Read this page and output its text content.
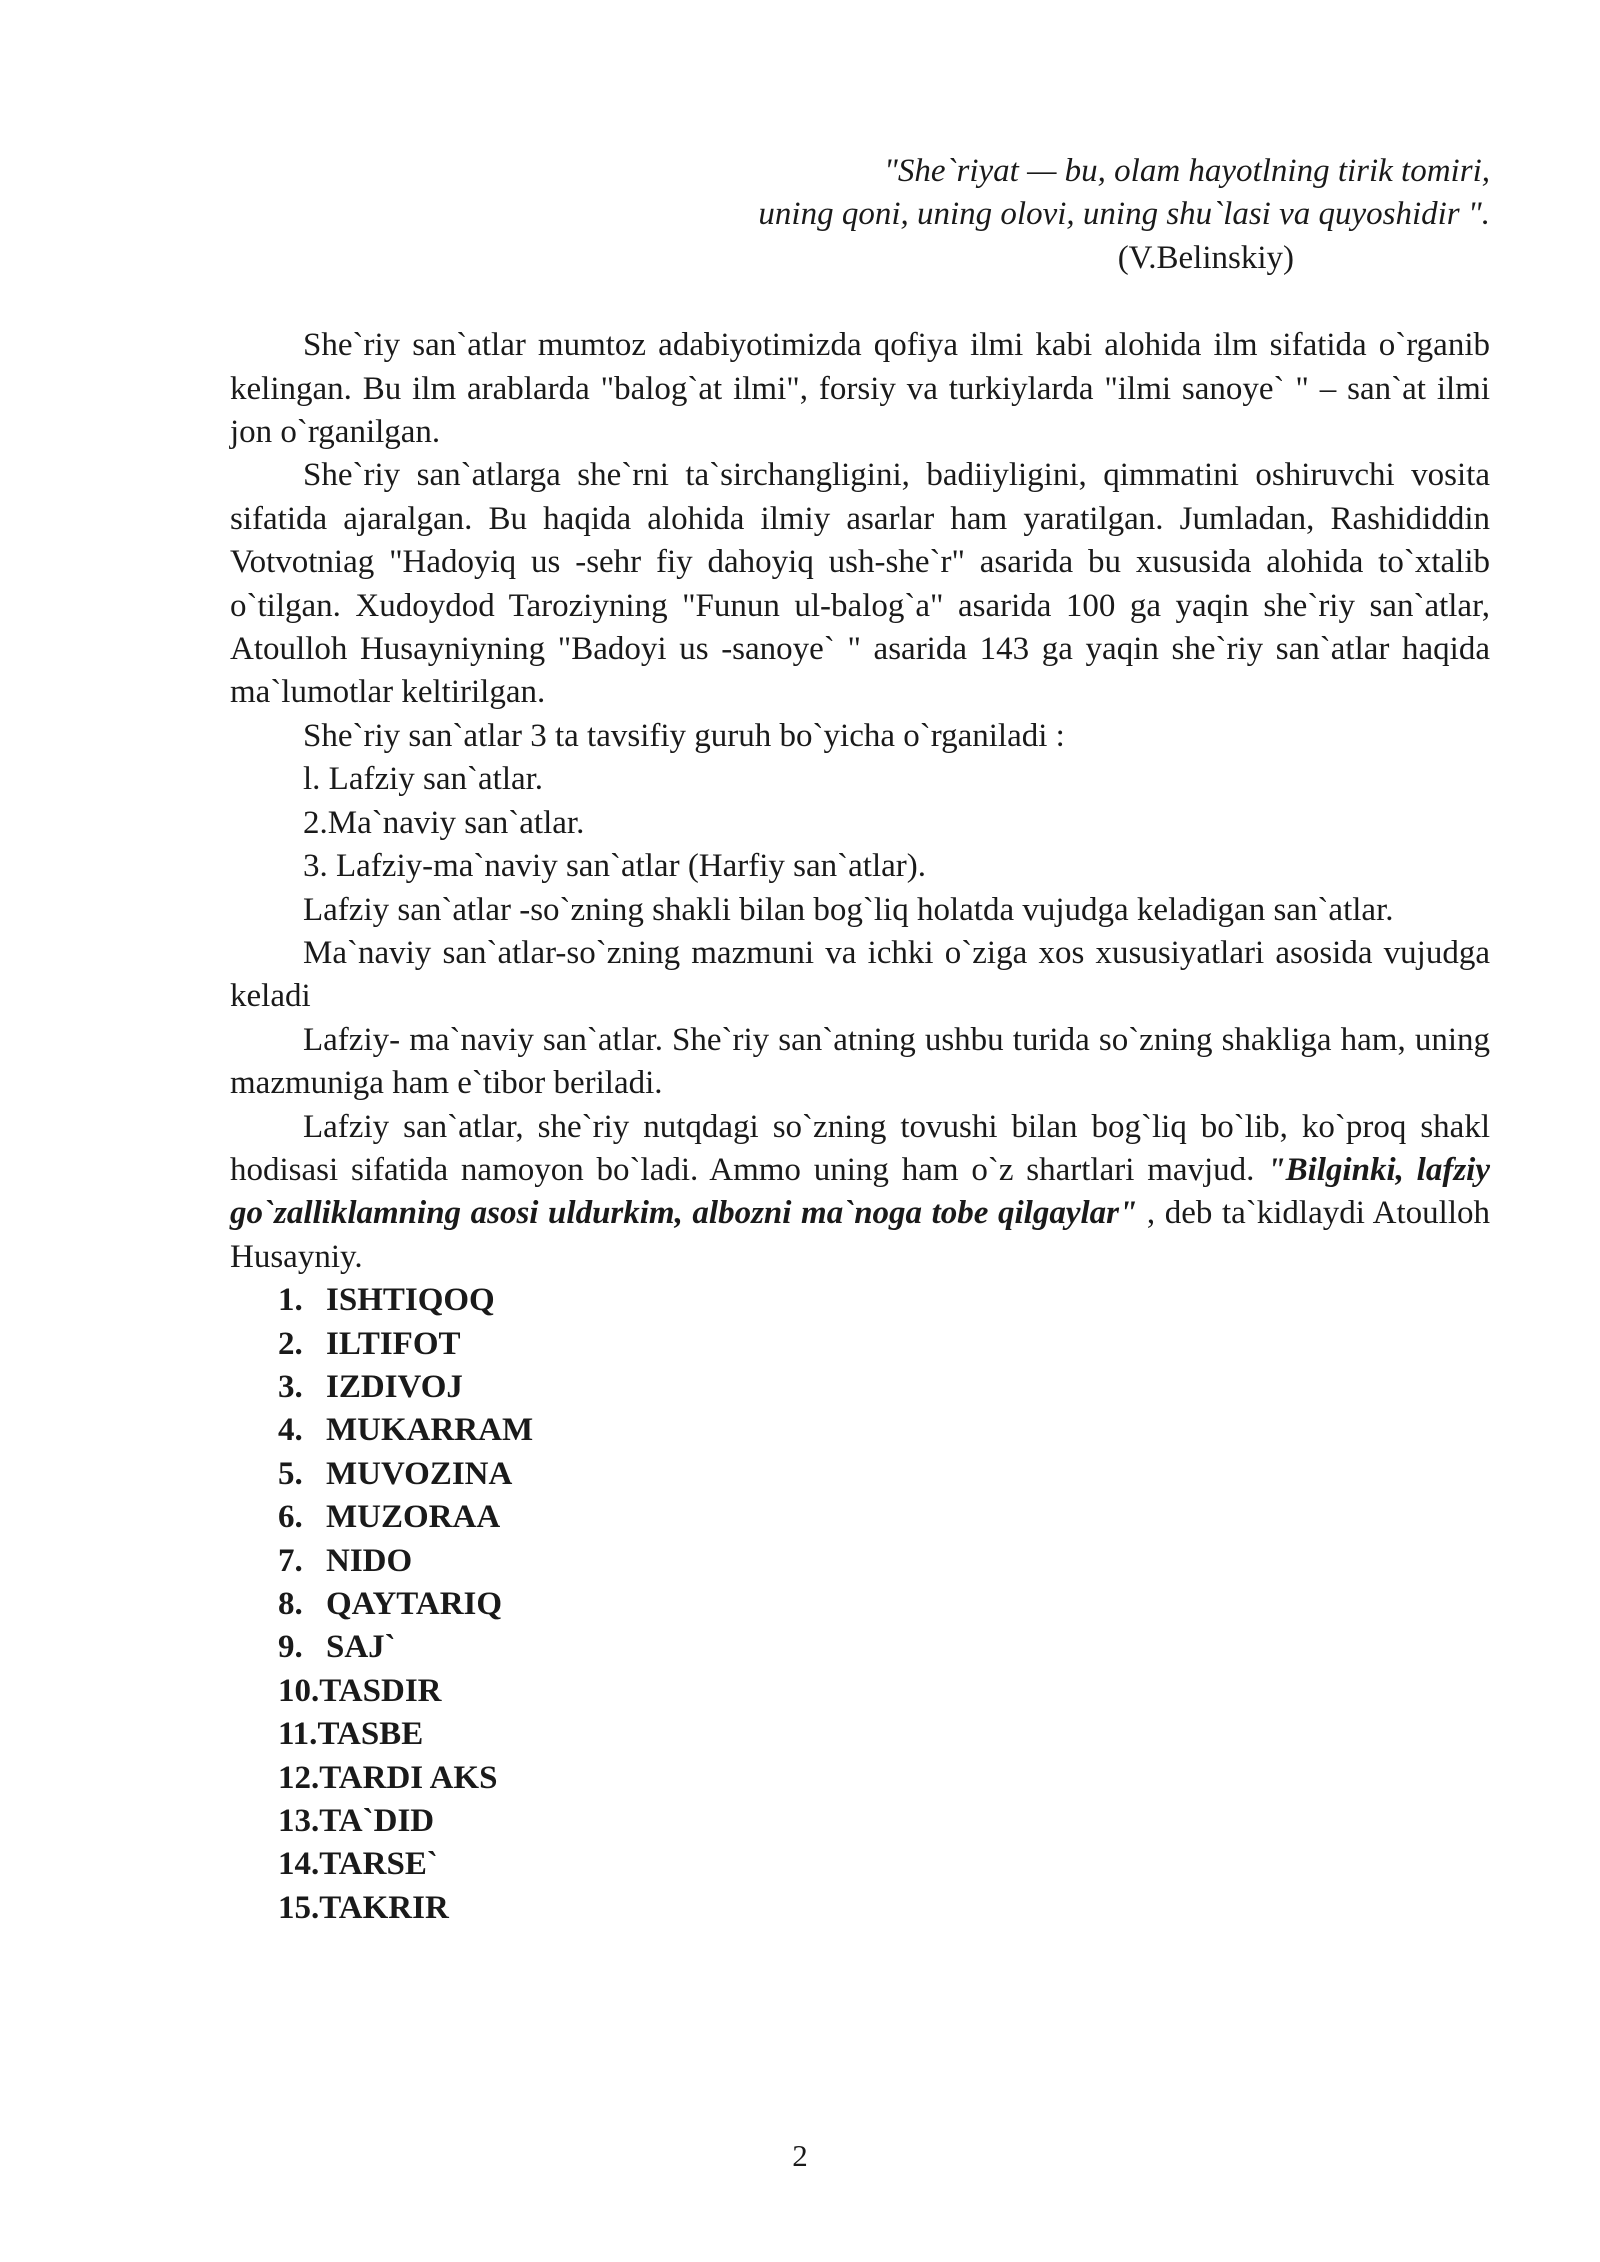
"She`riyat — bu, olam hayotlning tirik tomiri,
uning qoni, uning olovi, uning shu`lasi va quyoshidir ".
(V.Belinskiy)

She`riy san`atlar mumtoz adabiyotimizda qofiya ilmi kabi alohida ilm sifatida o`rganib kelingan. Bu ilm arablarda "balog`at ilmi", forsiy va turkiylarda "ilmi sanoye` " – san`at ilmi jon o`rganilgan.

She`riy san`atlarga she`rni ta`sirchangligini, badiiyligini, qimmatini oshiruvchi vosita sifatida ajaralgan. Bu haqida alohida ilmiy asarlar ham yaratilgan. Jumladan, Rashididdin Votvotniag "Hadoyiq us -sehr fiy dahoyiq ush-she`r" asarida bu xususida alohida to`xtalib o`tilgan. Xudoydod Taroziyning "Funun ul-balog`a" asarida 100 ga yaqin she`riy san`atlar, Atoulloh Husayniyning "Badoyi us -sanoye` " asarida 143 ga yaqin she`riy san`atlar haqida ma`lumotlar keltirilgan.

She`riy san`atlar 3 ta tavsifiy guruh bo`yicha o`rganiladi :

l. Lafziy san`atlar.
2.Ma`naviy san`atlar.
3. Lafziy-ma`naviy san`atlar (Harfiy san`atlar).

Lafziy san`atlar -so`zning shakli bilan bog`liq holatda vujudga keladigan san`atlar.

Ma`naviy san`atlar-so`zning mazmuni va ichki o`ziga xos xususiyatlari asosida vujudga keladi

Lafziy- ma`naviy san`atlar. She`riy san`atning ushbu turida so`zning shakliga ham, uning mazmuniga ham e`tibor beriladi.

Lafziy san`atlar, she`riy nutqdagi so`zning tovushi bilan bog`liq bo`lib, ko`proq shakl hodisasi sifatida namoyon bo`ladi. Ammo uning ham o`z shartlari mavjud. "Bilginki, lafziy go`zalliklamning asosi uldurkim, albozni ma`noga tobe qilgaylar" , deb ta`kidlaydi Atoulloh Husayniy.

1. ISHTIQOQ
2. ILTIFOT
3. IZDIVOJ
4. MUKARRAM
5. MUVOZINA
6. MUZORAA
7. NIDO
8. QAYTARIQ
9. SAJ`
10.TASDIR
11.TASBE
12.TARDI AKS
13.TA`DID
14.TARSE`
15.TAKRIR
2
